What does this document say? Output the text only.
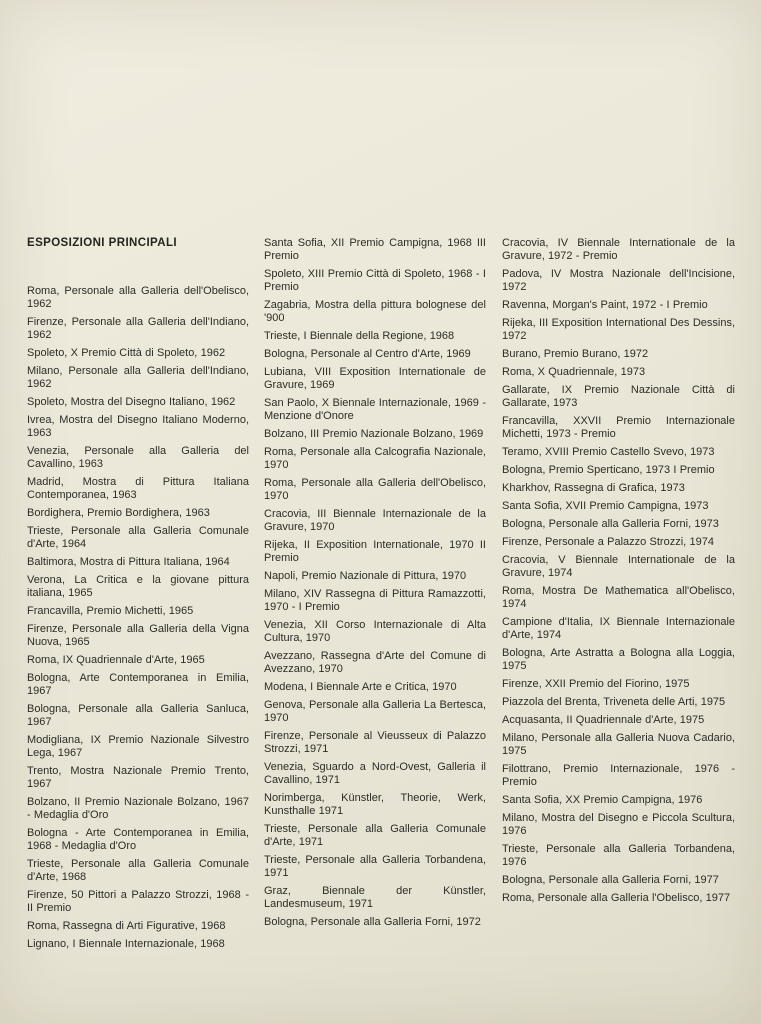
ESPOSIZIONI PRINCIPALI

Roma, Personale alla Galleria dell'Obelisco, 1962

Firenze, Personale alla Galleria dell'Indiano, 1962

Spoleto, X Premio Città di Spoleto, 1962

Milano, Personale alla Galleria dell'Indiano, 1962

Spoleto, Mostra del Disegno Italiano, 1962

Ivrea, Mostra del Disegno Italiano Moderno, 1963

Venezia, Personale alla Galleria del Cavallino, 1963

Madrid, Mostra di Pittura Italiana Contemporanea, 1963

Bordighera, Premio Bordighera, 1963

Trieste, Personale alla Galleria Comunale d'Arte, 1964

Baltimora, Mostra di Pittura Italiana, 1964

Verona, La Critica e la giovane pittura italiana, 1965

Francavilla, Premio Michetti, 1965

Firenze, Personale alla Galleria della Vigna Nuova, 1965

Roma, IX Quadriennale d'Arte, 1965

Bologna, Arte Contemporanea in Emilia, 1967

Bologna, Personale alla Galleria Sanluca, 1967

Modigliana, IX Premio Nazionale Silvestro Lega, 1967

Trento, Mostra Nazionale Premio Trento, 1967

Bolzano, II Premio Nazionale Bolzano, 1967 - Medaglia d'Oro

Bologna - Arte Contemporanea in Emilia, 1968 - Medaglia d'Oro

Trieste, Personale alla Galleria Comunale d'Arte, 1968

Firenze, 50 Pittori a Palazzo Strozzi, 1968 - II Premio

Roma, Rassegna di Arti Figurative, 1968

Lignano, I Biennale Internazionale, 1968

Santa Sofia, XII Premio Campigna, 1968 III Premio

Spoleto, XIII Premio Città di Spoleto, 1968 - I Premio

Zagabria, Mostra della pittura bolognese del '900

Trieste, I Biennale della Regione, 1968

Bologna, Personale al Centro d'Arte, 1969

Lubiana, VIII Exposition Internationale de Gravure, 1969

San Paolo, X Biennale Internazionale, 1969 - Menzione d'Onore

Bolzano, III Premio Nazionale Bolzano, 1969

Roma, Personale alla Calcografia Nazionale, 1970

Roma, Personale alla Galleria dell'Obelisco, 1970

Cracovia, III Biennale Internazionale de la Gravure, 1970

Rijeka, II Exposition Internationale, 1970 II Premio

Napoli, Premio Nazionale di Pittura, 1970

Milano, XIV Rassegna di Pittura Ramazzotti, 1970 - I Premio

Venezia, XII Corso Internazionale di Alta Cultura, 1970

Avezzano, Rassegna d'Arte del Comune di Avezzano, 1970

Modena, I Biennale Arte e Critica, 1970

Genova, Personale alla Galleria La Bertesca, 1970

Firenze, Personale al Vieusseux di Palazzo Strozzi, 1971

Venezia, Sguardo a Nord-Ovest, Galleria il Cavallino, 1971

Norimberga, Künstler, Theorie, Werk, Kunsthalle 1971

Trieste, Personale alla Galleria Comunale d'Arte, 1971

Trieste, Personale alla Galleria Torbandena, 1971

Graz, Biennale der Künstler, Landesmuseum, 1971

Bologna, Personale alla Galleria Forni, 1972

Cracovia, IV Biennale Internationale de la Gravure, 1972 - Premio

Padova, IV Mostra Nazionale dell'Incisione, 1972

Ravenna, Morgan's Paint, 1972 - I Premio

Rijeka, III Exposition International Des Dessins, 1972

Burano, Premio Burano, 1972

Roma, X Quadriennale, 1973

Gallarate, IX Premio Nazionale Città di Gallarate, 1973

Francavilla, XXVII Premio Internazionale Michetti, 1973 - Premio

Teramo, XVIII Premio Castello Svevo, 1973

Bologna, Premio Sperticano, 1973 I Premio

Kharkhov, Rassegna di Grafica, 1973

Santa Sofia, XVII Premio Campigna, 1973

Bologna, Personale alla Galleria Forni, 1973

Firenze, Personale a Palazzo Strozzi, 1974

Cracovia, V Biennale Internationale de la Gravure, 1974

Roma, Mostra De Mathematica all'Obelisco, 1974

Campione d'Italia, IX Biennale Internazionale d'Arte, 1974

Bologna, Arte Astratta a Bologna alla Loggia, 1975

Firenze, XXII Premio del Fiorino, 1975

Piazzola del Brenta, Triveneta delle Arti, 1975

Acquasanta, II Quadriennale d'Arte, 1975

Milano, Personale alla Galleria Nuova Cadario, 1975

Filottrano, Premio Internazionale, 1976 - Premio

Santa Sofia, XX Premio Campigna, 1976

Milano, Mostra del Disegno e Piccola Scultura, 1976

Trieste, Personale alla Galleria Torbandena, 1976

Bologna, Personale alla Galleria Forni, 1977

Roma, Personale alla Galleria l'Obelisco, 1977
